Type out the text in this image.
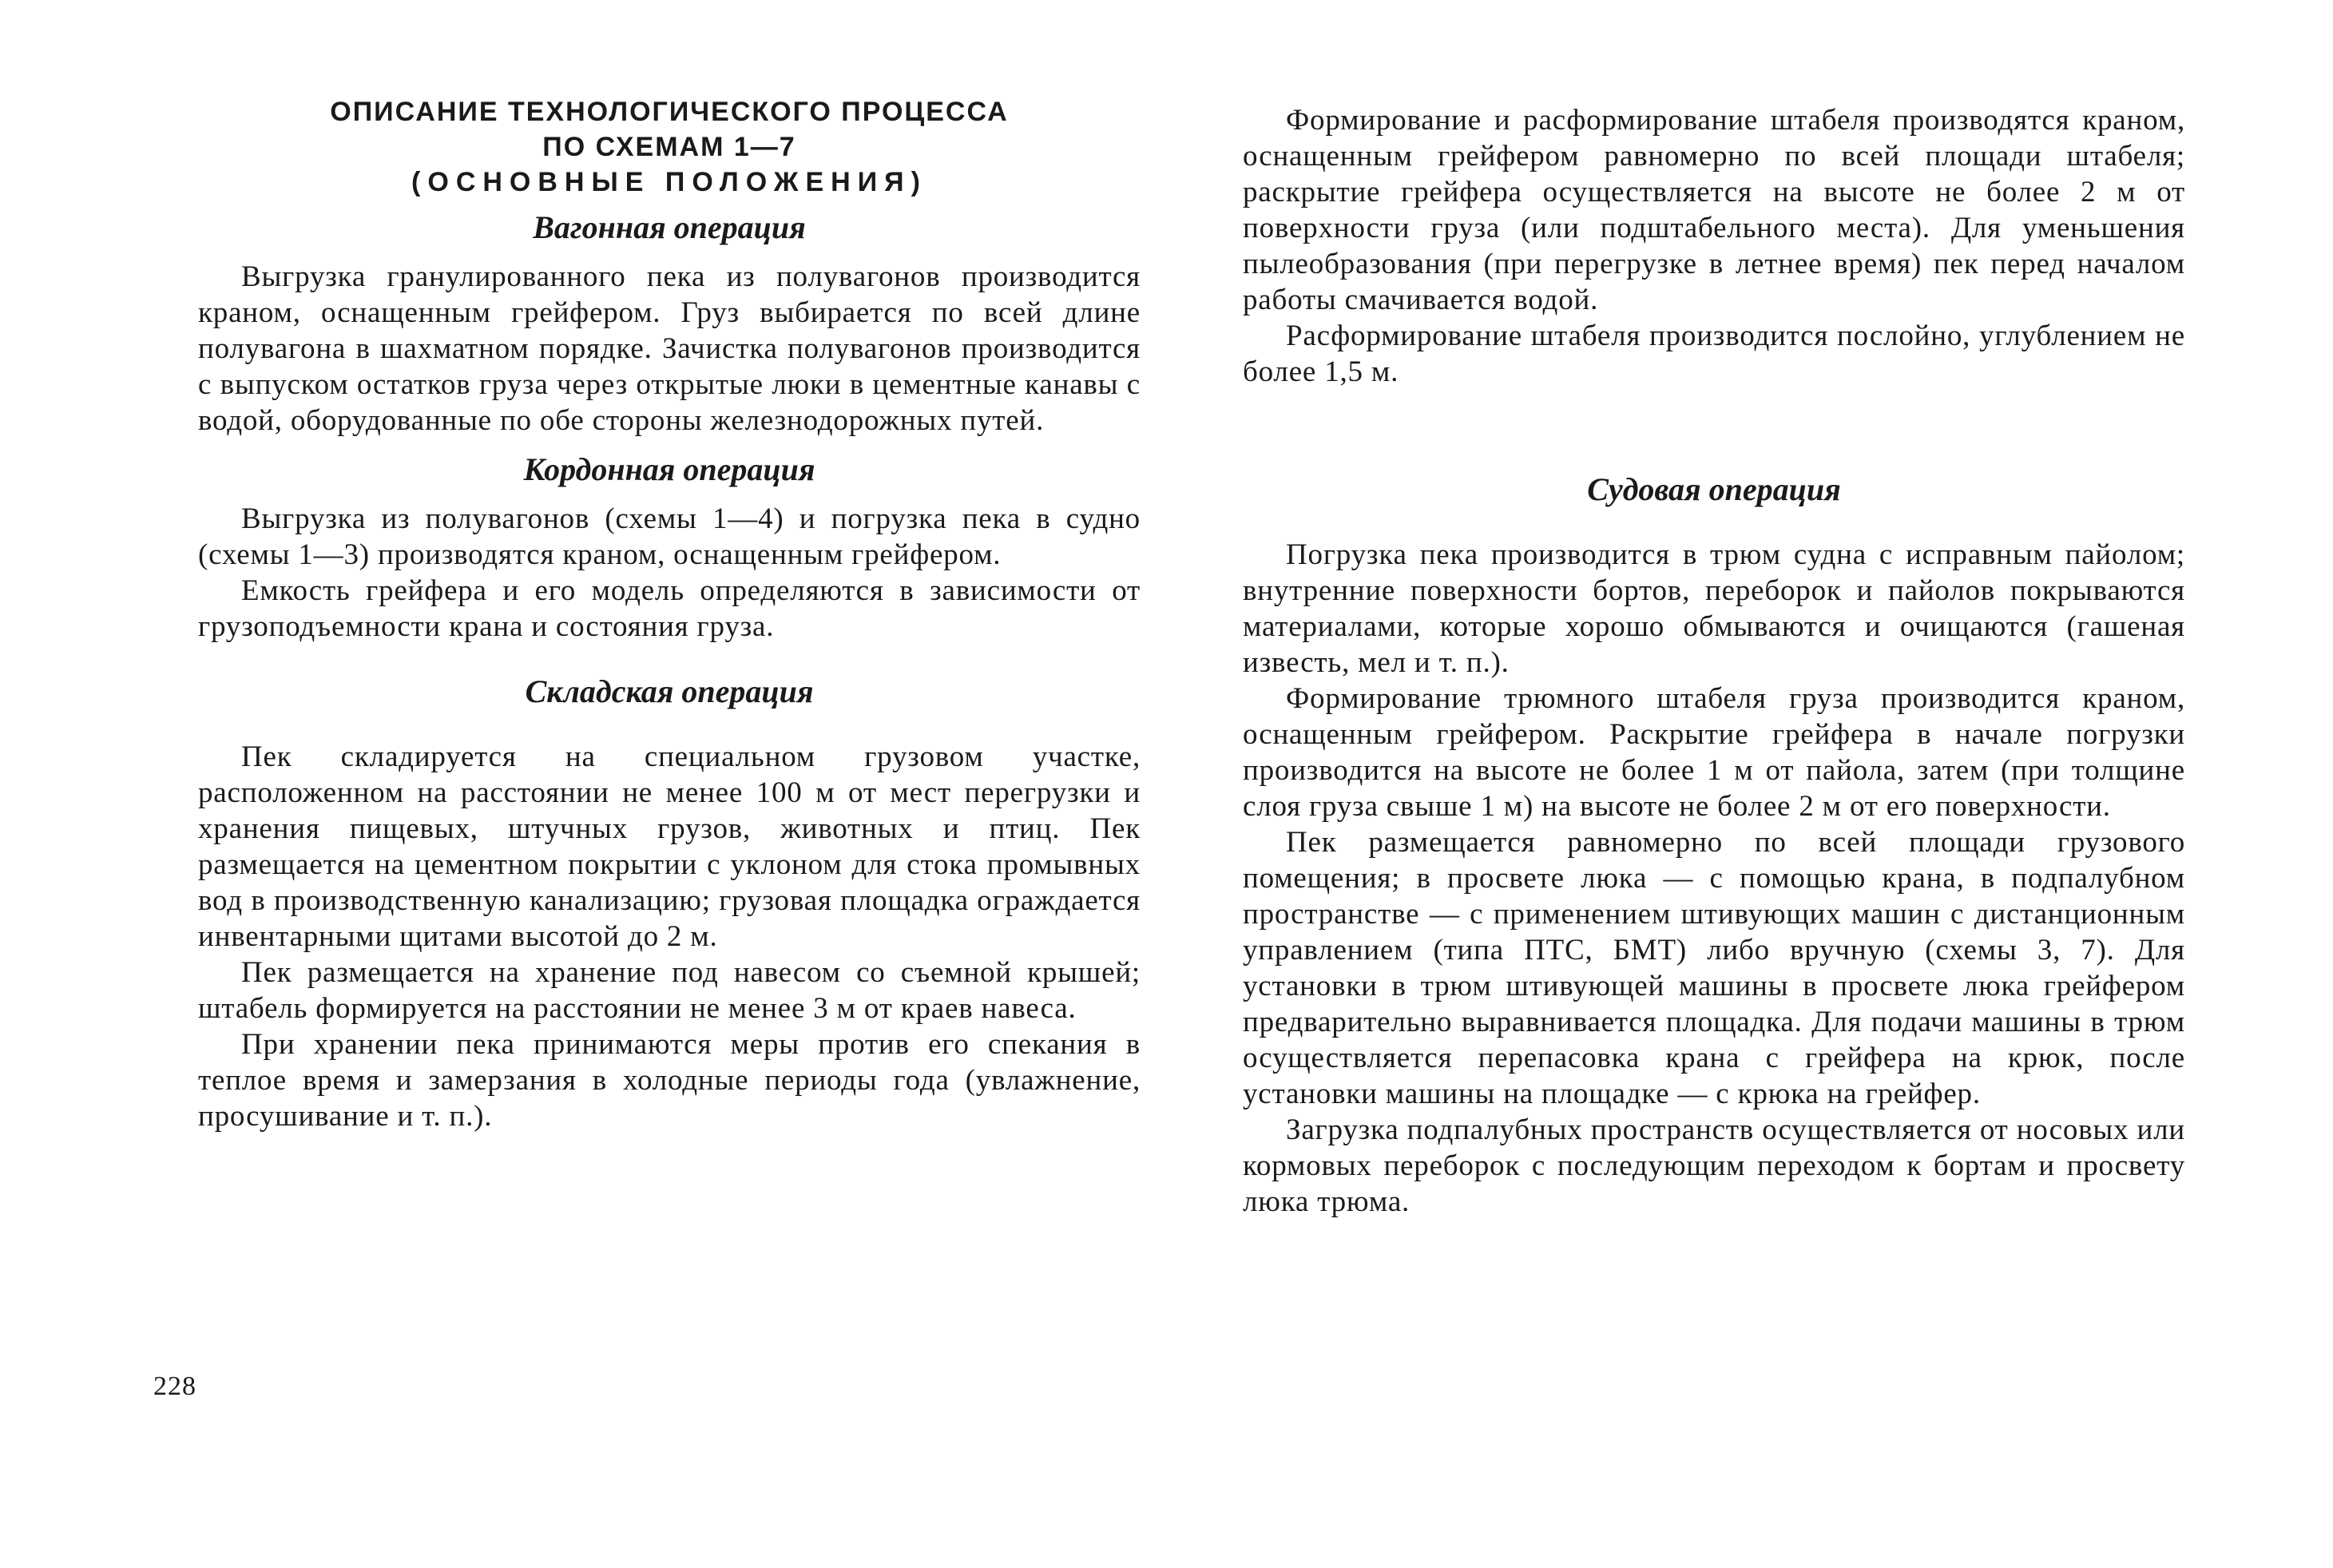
ОПИСАНИЕ ТЕХНОЛОГИЧЕСКОГО ПРОЦЕССА
ПО СХЕМАМ 1—7
(ОСНОВНЫЕ ПОЛОЖЕНИЯ)
Вагонная операция

Выгрузка гранулированного пека из полувагонов производится краном, оснащенным грейфером. Груз выбирается по всей длине полувагона в шахматном порядке. Зачистка полувагонов производится с выпуском остатков груза через открытые люки в цементные канавы с водой, оборудованные по обе стороны железнодорожных путей.

Кордонная операция

Выгрузка из полувагонов (схемы 1—4) и погрузка пека в судно (схемы 1—3) производятся краном, оснащенным грейфером.

Емкость грейфера и его модель определяются в зависимости от грузоподъемности крана и состояния груза.

Складская операция

Пек складируется на специальном грузовом участке, расположенном на расстоянии не менее 100 м от мест перегрузки и хранения пищевых, штучных грузов, животных и птиц. Пек размещается на цементном покрытии с уклоном для стока промывных вод в производственную канализацию; грузовая площадка ограждается инвентарными щитами высотой до 2 м.

Пек размещается на хранение под навесом со съемной крышей; штабель формируется на расстоянии не менее 3 м от краев навеса.

При хранении пека принимаются меры против его спекания в теплое время и замерзания в холодные периоды года (увлажнение, просушивание и т. п.).

228

Формирование и расформирование штабеля производятся краном, оснащенным грейфером равномерно по всей площади штабеля; раскрытие грейфера осуществляется на высоте не более 2 м от поверхности груза (или подштабельного места). Для уменьшения пылеобразования (при перегрузке в летнее время) пек перед началом работы смачивается водой.

Расформирование штабеля производится послойно, углублением не более 1,5 м.

Судовая операция

Погрузка пека производится в трюм судна с исправным пайолом; внутренние поверхности бортов, переборок и пайолов покрываются материалами, которые хорошо обмываются и очищаются (гашеная известь, мел и т. п.).

Формирование трюмного штабеля груза производится краном, оснащенным грейфером. Раскрытие грейфера в начале погрузки производится на высоте не более 1 м от пайола, затем (при толщине слоя груза свыше 1 м) на высоте не более 2 м от его поверхности.

Пек размещается равномерно по всей площади грузового помещения; в просвете люка — с помощью крана, в подпалубном пространстве — с применением штивующих машин с дистанционным управлением (типа ПТС, БМТ) либо вручную (схемы 3, 7). Для установки в трюм штивующей машины в просвете люка грейфером предварительно выравнивается площадка. Для подачи машины в трюм осуществляется перепасовка крана с грейфера на крюк, после установки машины на площадке — с крюка на грейфер.

Загрузка подпалубных пространств осуществляется от носовых или кормовых переборок с последующим переходом к бортам и просвету люка трюма.
